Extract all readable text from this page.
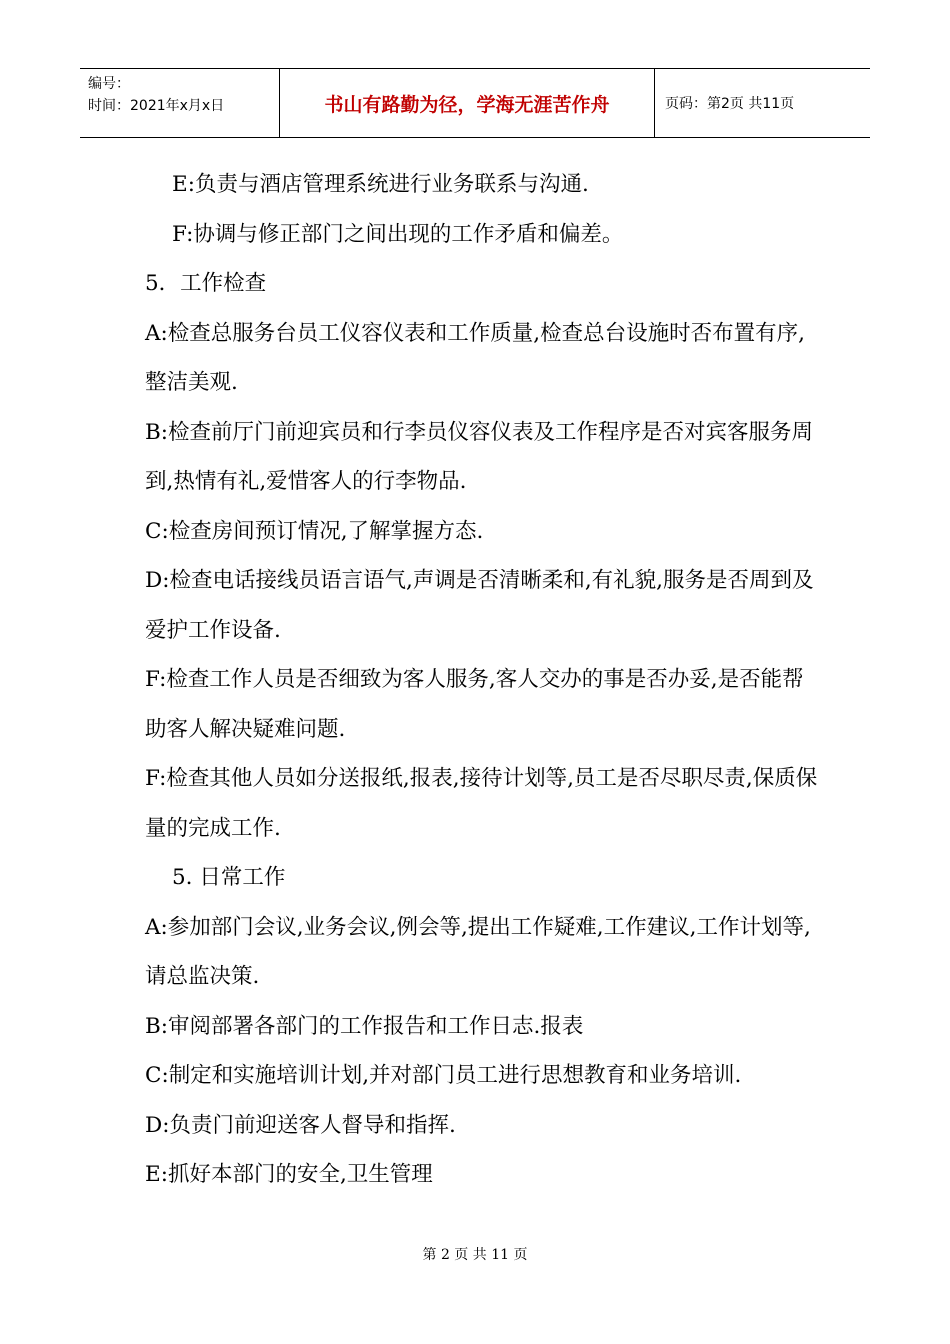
编号：
时间：2021年x月x日	书山有路勤为径，学海无涯苦作舟	页码：第2页 共11页

E:负责与酒店管理系统进行业务联系与沟通.

F:协调与修正部门之间出现的工作矛盾和偏差。

5．工作检查

A:检查总服务台员工仪容仪表和工作质量,检查总台设施时否布置有序,整洁美观.

B:检查前厅门前迎宾员和行李员仪容仪表及工作程序是否对宾客服务周到,热情有礼,爱惜客人的行李物品.

C:检查房间预订情况,了解掌握方态.

D:检查电话接线员语言语气,声调是否清晰柔和,有礼貌,服务是否周到及爱护工作设备.

F:检查工作人员是否细致为客人服务,客人交办的事是否办妥,是否能帮助客人解决疑难问题.

F:检查其他人员如分送报纸,报表,接待计划等,员工是否尽职尽责,保质保量的完成工作.

5. 日常工作

A:参加部门会议,业务会议,例会等,提出工作疑难,工作建议,工作计划等,请总监决策.

B:审阅部署各部门的工作报告和工作日志.报表

C:制定和实施培训计划,并对部门员工进行思想教育和业务培训.

D:负责门前迎送客人督导和指挥.

E:抓好本部门的安全,卫生管理

第 2 页 共 11 页
